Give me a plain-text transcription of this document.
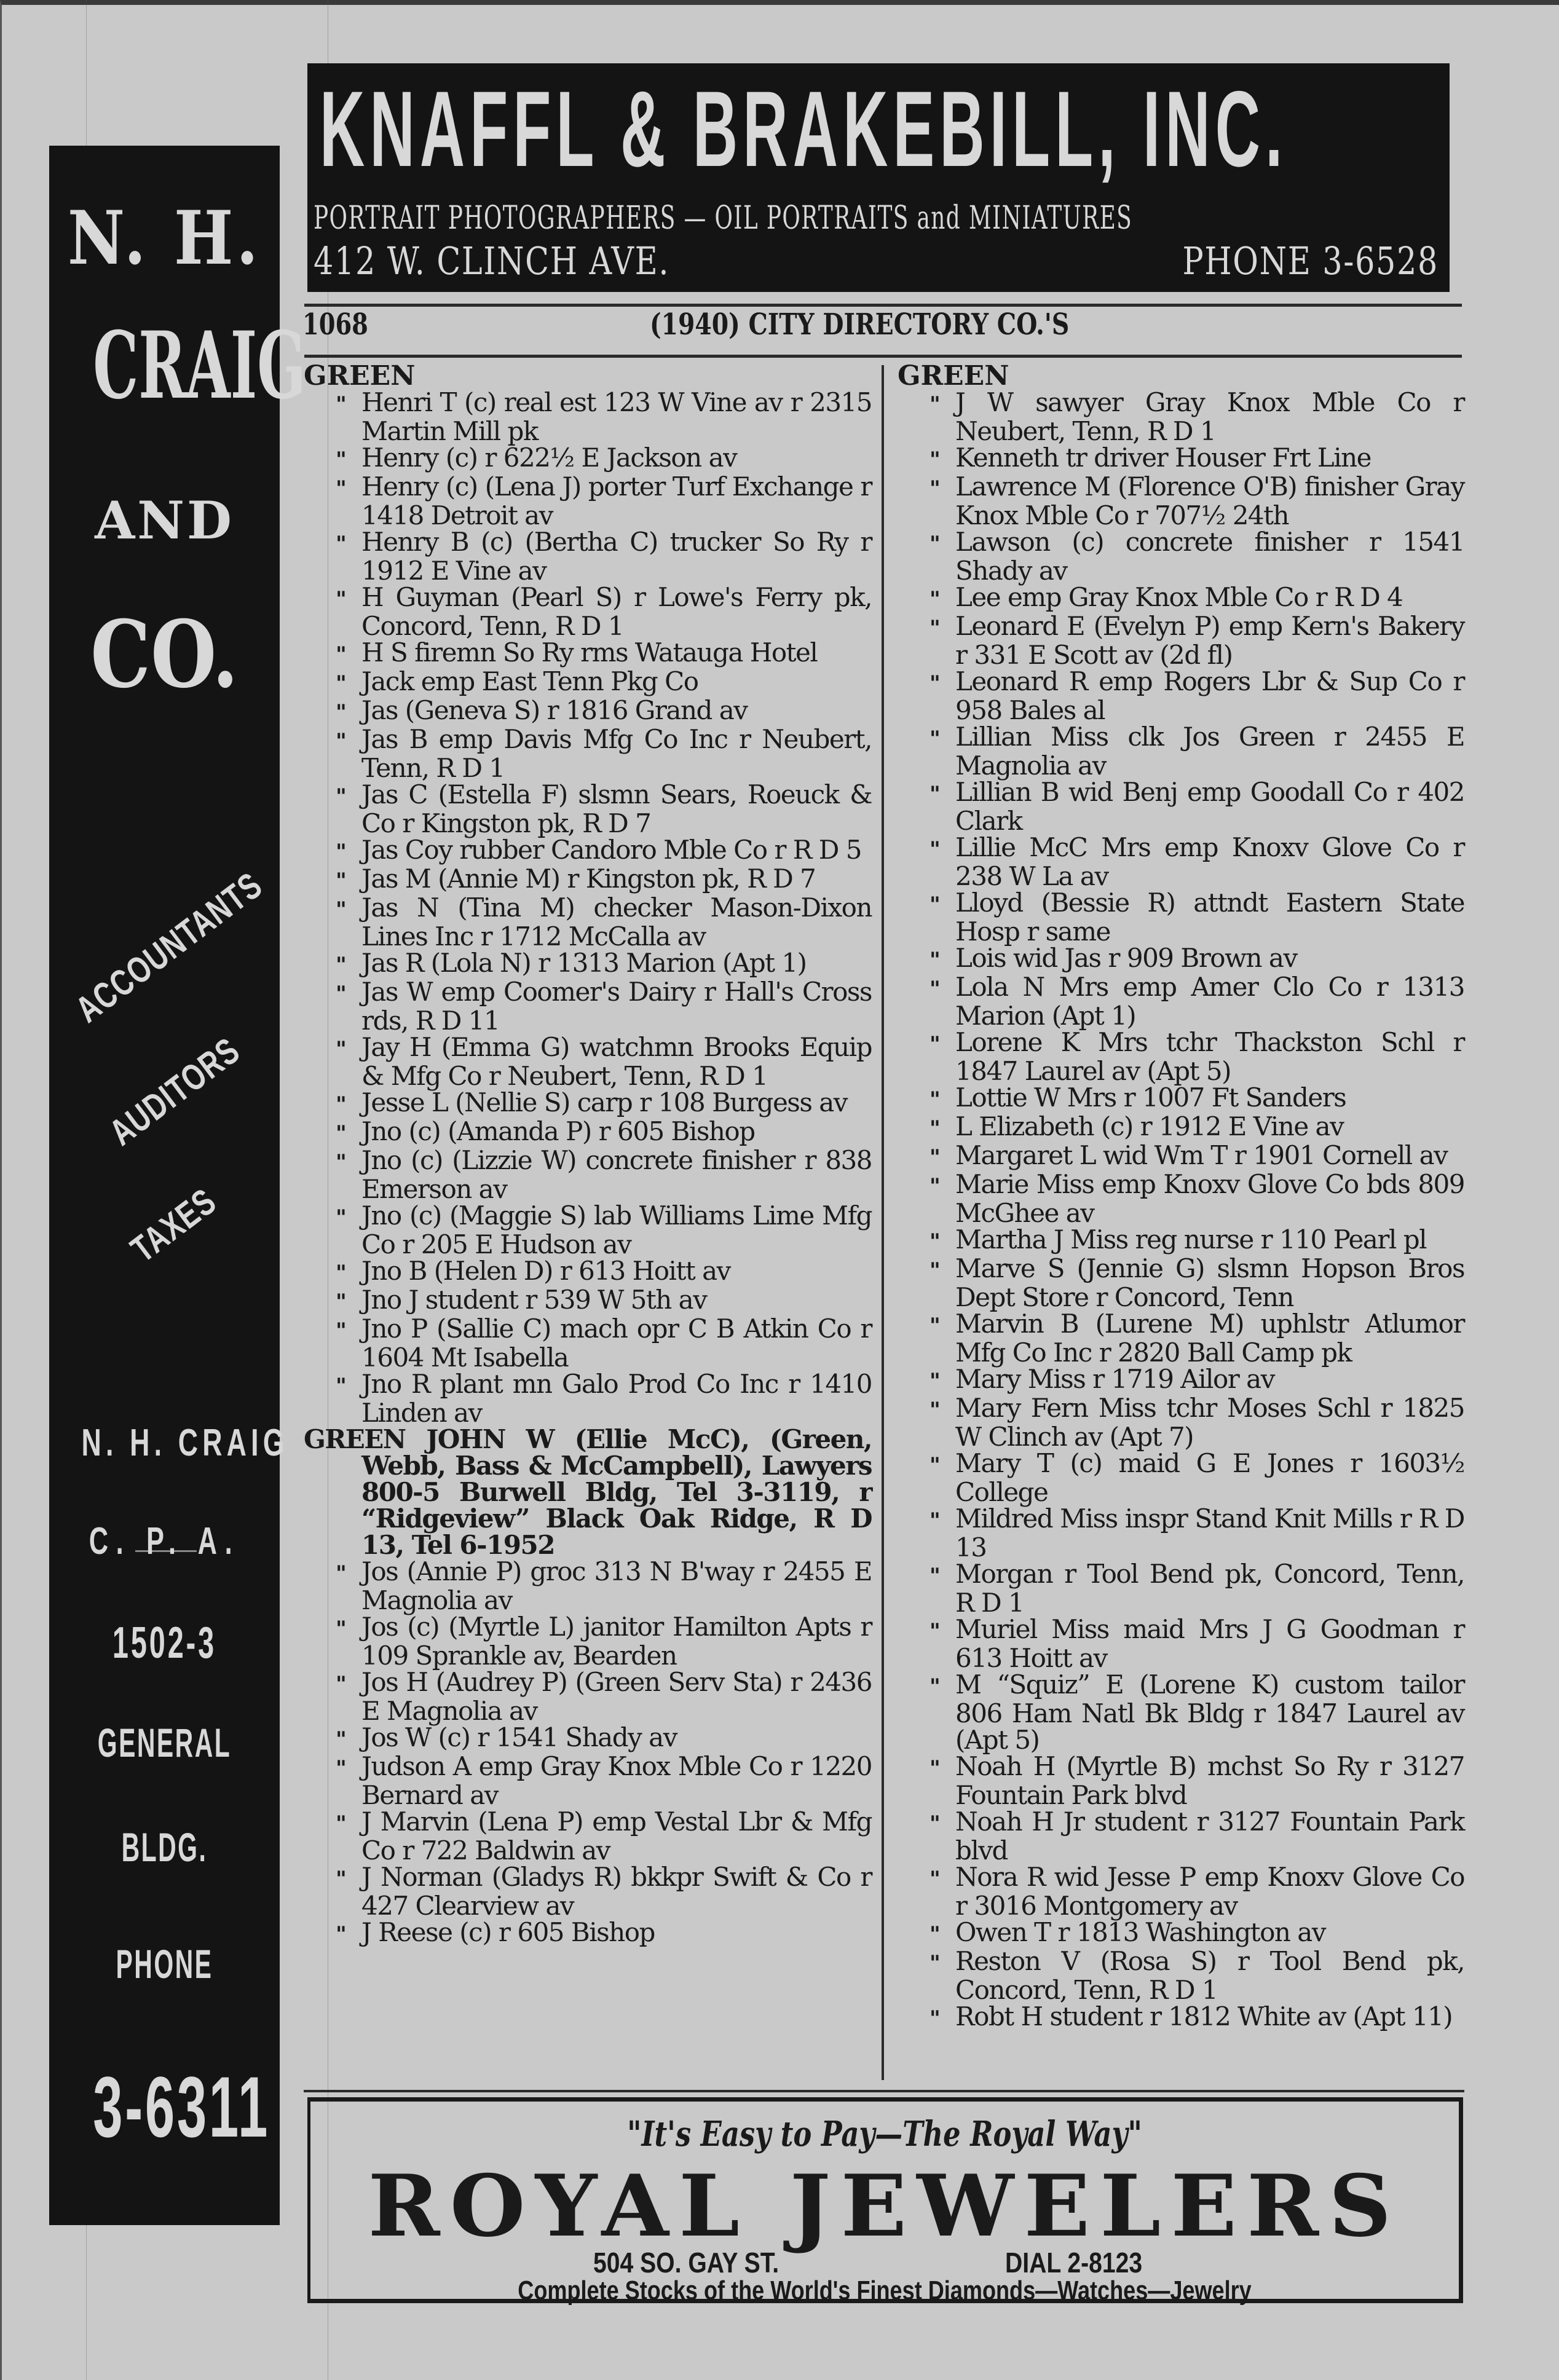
N. H.
CRAIG
AND
CO.
ACCOUNTANTS
AUDITORS
TAXES
N. H. CRAIG
C. P. A.
1502-3
GENERAL
BLDG.
PHONE
3-6311
KNAFFL & BRAKEBILL, INC.
PORTRAIT PHOTOGRAPHERS — OIL PORTRAITS and MINIATURES
412 W. CLINCH AVE.	PHONE 3-6528
1068	(1940) CITY DIRECTORY CO.'S
GREEN

" Henri T (c) real est 123 W Vine av r 2315 Martin Mill pk

" Henry (c) r 622½ E Jackson av

" Henry (c) (Lena J) porter Turf Exchange r 1418 Detroit av

" Henry B (c) (Bertha C) trucker So Ry r 1912 E Vine av

" H Guyman (Pearl S) r Lowe's Ferry pk, Concord, Tenn, R D 1

" H S firemn So Ry rms Watauga Hotel

" Jack emp East Tenn Pkg Co

" Jas (Geneva S) r 1816 Grand av

" Jas B emp Davis Mfg Co Inc r Neubert, Tenn, R D 1

" Jas C (Estella F) slsmn Sears, Roeuck & Co r Kingston pk, R D 7

" Jas Coy rubber Candoro Mble Co r R D 5

" Jas M (Annie M) r Kingston pk, R D 7

" Jas N (Tina M) checker Mason-Dixon Lines Inc r 1712 McCalla av

" Jas R (Lola N) r 1313 Marion (Apt 1)

" Jas W emp Coomer's Dairy r Hall's Cross rds, R D 11

" Jay H (Emma G) watchmn Brooks Equip & Mfg Co r Neubert, Tenn, R D 1

" Jesse L (Nellie S) carp r 108 Burgess av

" Jno (c) (Amanda P) r 605 Bishop

" Jno (c) (Lizzie W) concrete finisher r 838 Emerson av

" Jno (c) (Maggie S) lab Williams Lime Mfg Co r 205 E Hudson av

" Jno B (Helen D) r 613 Hoitt av

" Jno J student r 539 W 5th av

" Jno P (Sallie C) mach opr C B Atkin Co r 1604 Mt Isabella

" Jno R plant mn Galo Prod Co Inc r 1410 Linden av

GREEN JOHN W (Ellie McC), (Green, Webb, Bass & McCampbell), Lawyers 800-5 Burwell Bldg, Tel 3-3119, r “Ridgeview” Black Oak Ridge, R D 13, Tel 6-1952

" Jos (Annie P) groc 313 N B'way r 2455 E Magnolia av

" Jos (c) (Myrtle L) janitor Hamilton Apts r 109 Sprankle av, Bearden

" Jos H (Audrey P) (Green Serv Sta) r 2436 E Magnolia av

" Jos W (c) r 1541 Shady av

" Judson A emp Gray Knox Mble Co r 1220 Bernard av

" J Marvin (Lena P) emp Vestal Lbr & Mfg Co r 722 Baldwin av

" J Norman (Gladys R) bkkpr Swift & Co r 427 Clearview av

" J Reese (c) r 605 Bishop

GREEN

" J W sawyer Gray Knox Mble Co r Neubert, Tenn, R D 1

" Kenneth tr driver Houser Frt Line

" Lawrence M (Florence O'B) finisher Gray Knox Mble Co r 707½ 24th

" Lawson (c) concrete finisher r 1541 Shady av

" Lee emp Gray Knox Mble Co r R D 4

" Leonard E (Evelyn P) emp Kern's Bakery r 331 E Scott av (2d fl)

" Leonard R emp Rogers Lbr & Sup Co r 958 Bales al

" Lillian Miss clk Jos Green r 2455 E Magnolia av

" Lillian B wid Benj emp Goodall Co r 402 Clark

" Lillie McC Mrs emp Knoxv Glove Co r 238 W La av

" Lloyd (Bessie R) attndt Eastern State Hosp r same

" Lois wid Jas r 909 Brown av

" Lola N Mrs emp Amer Clo Co r 1313 Marion (Apt 1)

" Lorene K Mrs tchr Thackston Schl r 1847 Laurel av (Apt 5)

" Lottie W Mrs r 1007 Ft Sanders

" L Elizabeth (c) r 1912 E Vine av

" Margaret L wid Wm T r 1901 Cornell av

" Marie Miss emp Knoxv Glove Co bds 809 McGhee av

" Martha J Miss reg nurse r 110 Pearl pl

" Marve S (Jennie G) slsmn Hopson Bros Dept Store r Concord, Tenn

" Marvin B (Lurene M) uphlstr Atlumor Mfg Co Inc r 2820 Ball Camp pk

" Mary Miss r 1719 Ailor av

" Mary Fern Miss tchr Moses Schl r 1825 W Clinch av (Apt 7)

" Mary T (c) maid G E Jones r 1603½ College

" Mildred Miss inspr Stand Knit Mills r R D 13

" Morgan r Tool Bend pk, Concord, Tenn, R D 1

" Muriel Miss maid Mrs J G Goodman r 613 Hoitt av

" M “Squiz” E (Lorene K) custom tailor 806 Ham Natl Bk Bldg r 1847 Laurel av (Apt 5)

" Noah H (Myrtle B) mchst So Ry r 3127 Fountain Park blvd

" Noah H Jr student r 3127 Fountain Park blvd

" Nora R wid Jesse P emp Knoxv Glove Co r 3016 Montgomery av

" Owen T r 1813 Washington av

" Reston V (Rosa S) r Tool Bend pk, Concord, Tenn, R D 1

" Robt H student r 1812 White av (Apt 11)

"It's Easy to Pay—The Royal Way"
ROYAL JEWELERS
504 SO. GAY ST.	DIAL 2-8123
Complete Stocks of the World's Finest Diamonds—Watches—Jewelry
